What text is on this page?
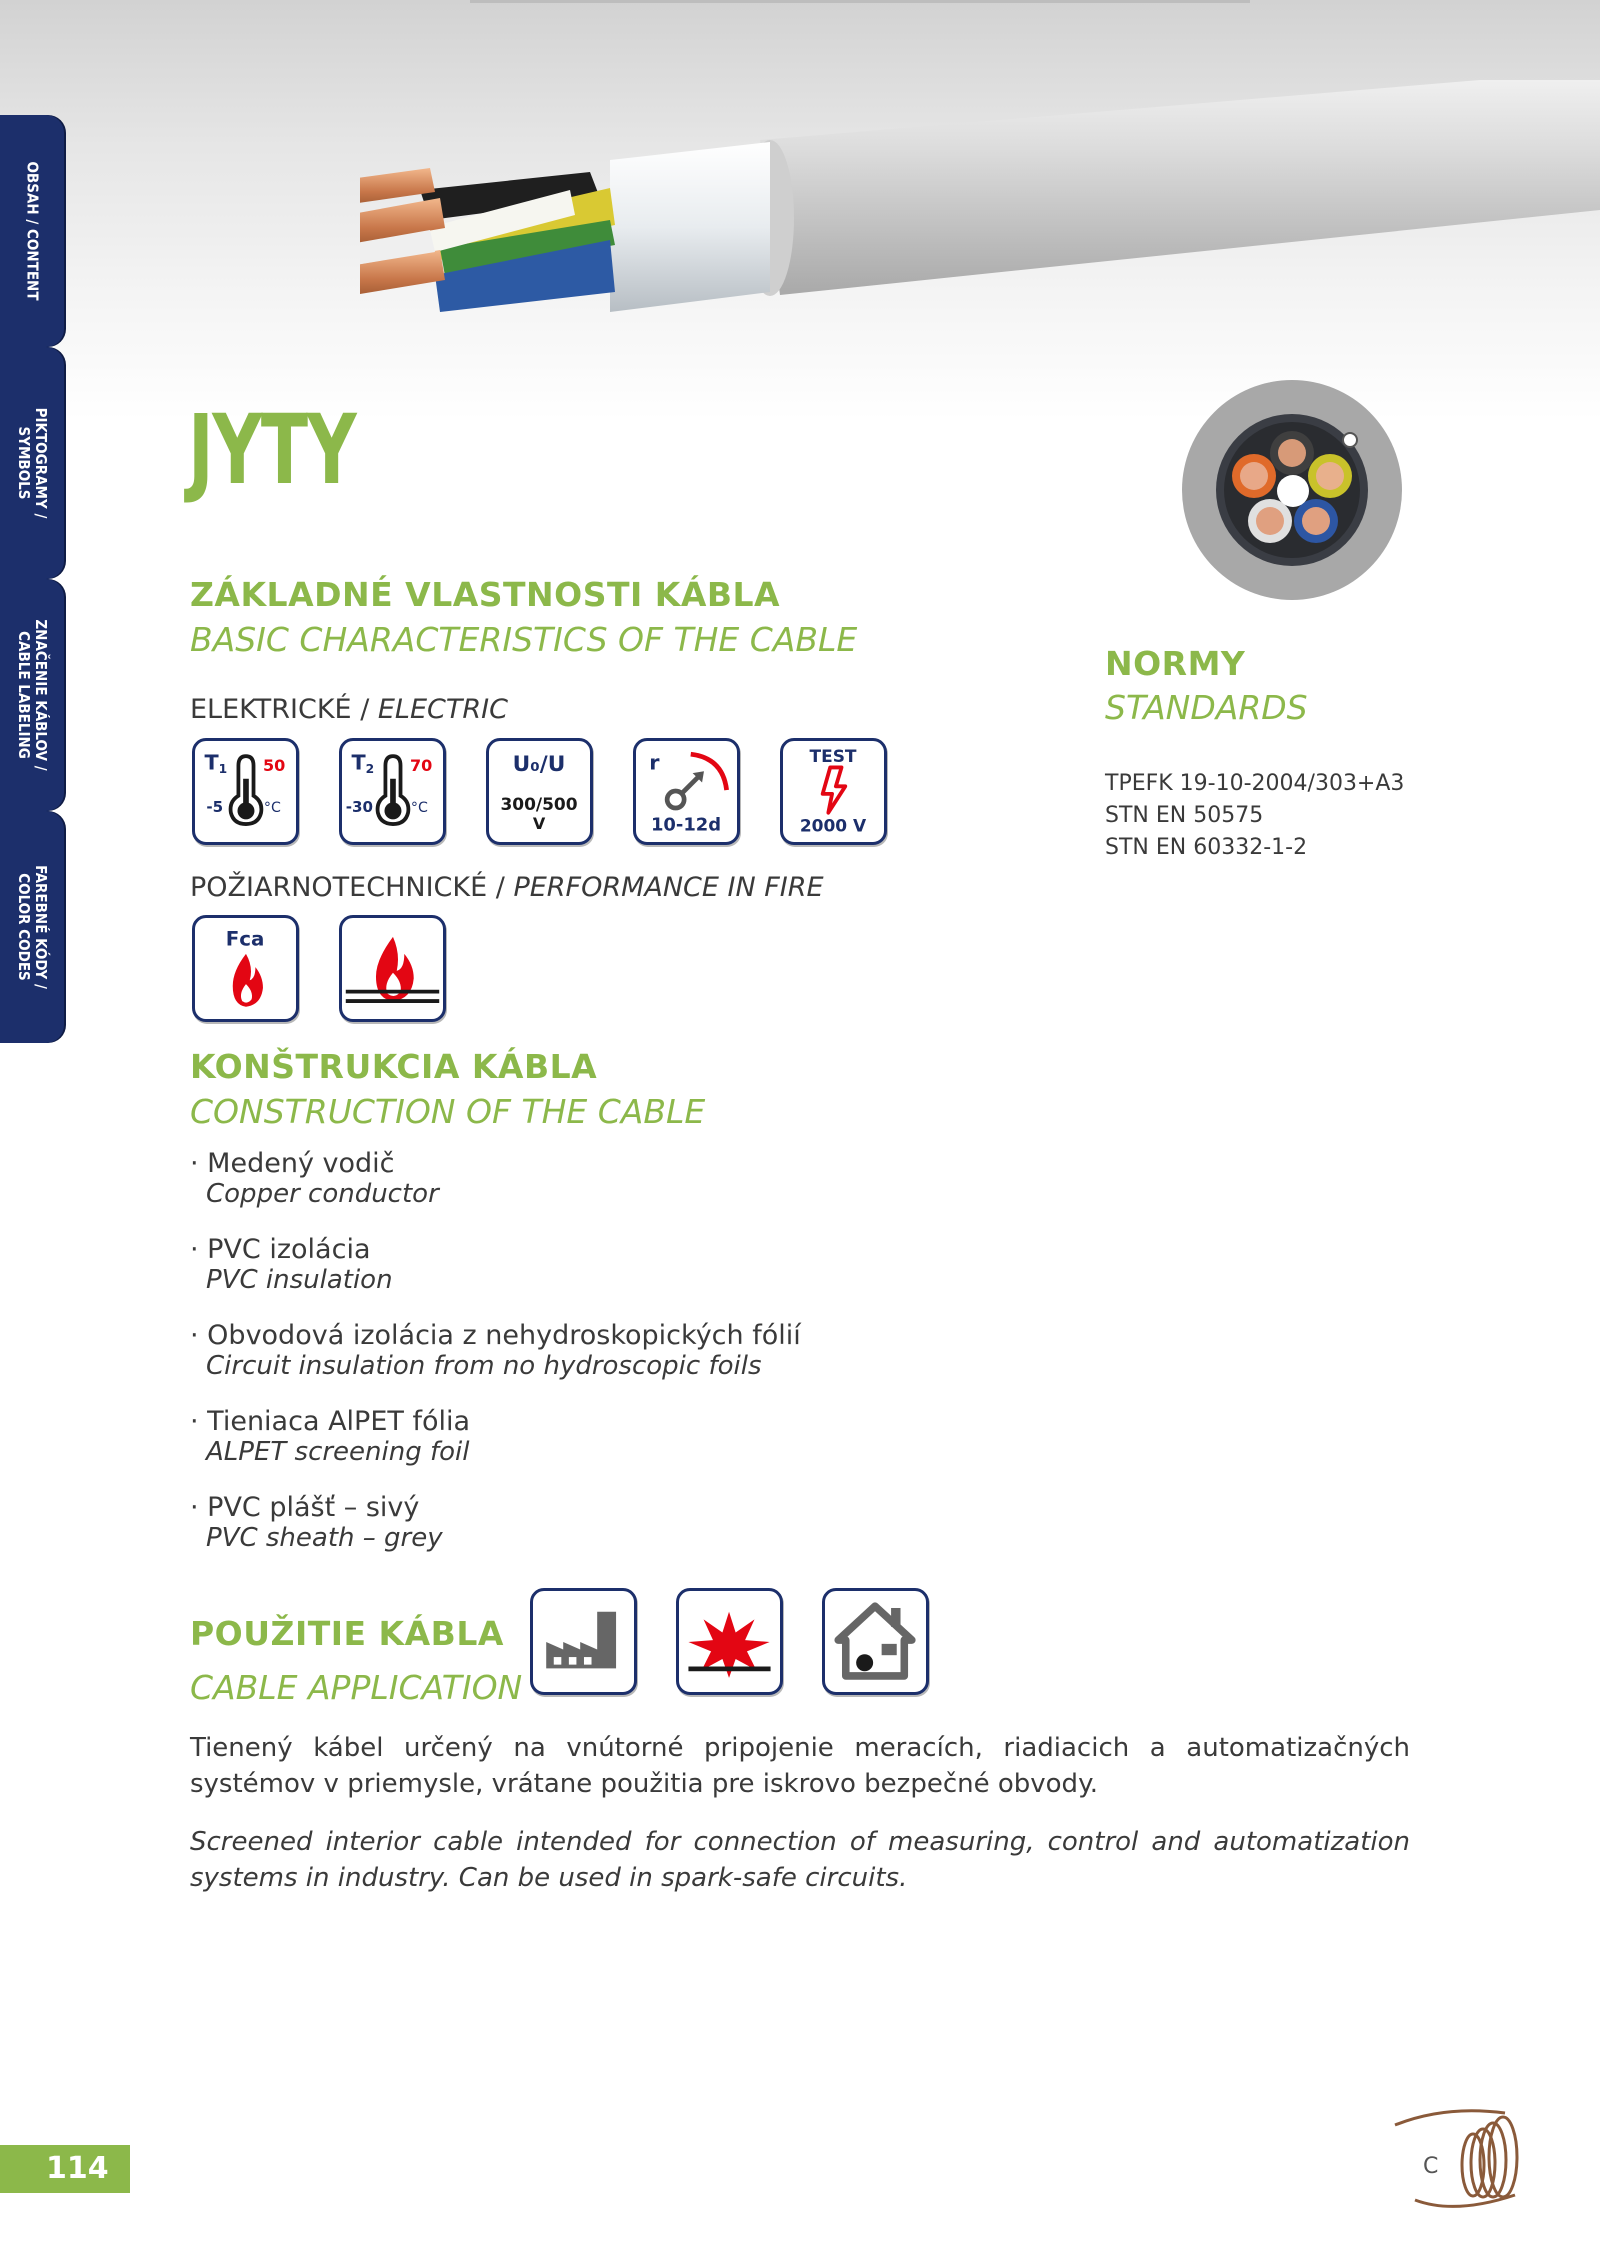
OBSAH / CONTENT
PIKTOGRAMY /
SYMBOLS
ZNAČENIE KÁBLOV /
CABLE LABELING
FAREBNÉ KÓDY /
COLOR CODES
JYTY
ZÁKLADNÉ VLASTNOSTI KÁBLA
BASIC CHARACTERISTICS OF THE CABLE
ELEKTRICKÉ / ELECTRIC
T1 50
-5	°C
T2 70
-30	°C
U₀/U
300/500
V
r
10-12d
TEST
2000 V
POŽIARNOTECHNICKÉ / PERFORMANCE IN FIRE
Fca
NORMY
STANDARDS
TPEFK 19-10-2004/303+A3
STN EN 50575
STN EN 60332-1-2
KONŠTRUKCIA KÁBLA
CONSTRUCTION OF THE CABLE
· Medený vodič
Copper conductor
· PVC izolácia
PVC insulation
· Obvodová izolácia z nehydroskopických fólií
Circuit insulation from no hydroscopic foils
· Tieniaca AlPET fólia
ALPET screening foil
· PVC plášť – sivý
PVC sheath – grey
POUŽITIE KÁBLA
CABLE APPLICATION
Tienený kábel určený na vnútorné pripojenie meracích, riadiacich a automatizačných systémov v priemysle, vrátane použitia pre iskrovo bezpečné obvody.
Screened interior cable intended for connection of measuring, control and automatization systems in industry. Can be used in spark-safe circuits.
114	C
